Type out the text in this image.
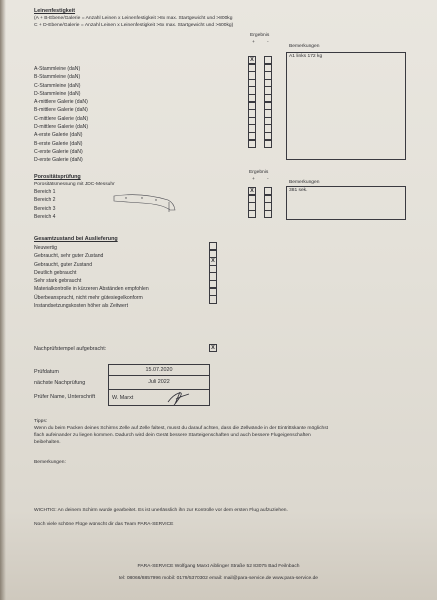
Leinenfestigkeit
(A + B-Ebene/Galerie = Anzahl Leinen x Leinenfestigkeit >8x max. Startgewicht und >800kg
C + D-Ebene/Galerie = Anzahl Leinen x Leinenfestigkeit >6x max. Startgewicht und >600kg)
Ergebnis
+ -
Bemerkungen
A-Stammleine (daN)
B-Stammleine (daN)
C-Stammleine (daN)
D-Stammleine (daN)
A-mittlere Galerie (daN)
B-mittlere Galerie (daN)
C-mittlere Galerie (daN)
D-mittlere Galerie (daN)
A-erste Galerie (daN)
B-erste Galerie (daN)
C-erste Galerie (daN)
D-erste Galerie (daN)
X
A1 links 172 kg
Porositätsprüfung
Porositätsmessung mit JDC-Messuhr
Ergebnis
+ -
Bemerkungen
Bereich 1
Bereich 2
Bereich 3
Bereich 4
X	381 sek.
Gesamtzustand bei Auslieferung
Neuwertig
Gebraucht, sehr guter Zustand
Gebraucht, guter Zustand
Deutlich gebraucht
Sehr stark gebraucht
Materialkontrolle in kürzeren Abständen empfohlen
Überbeansprucht, nicht mehr gütesiegelkonform
Instandsetzungskosten höher als Zeitwert
X
Nachprüfstempel aufgebracht:	X
Prüfdatum
nächste Nachprüfung
Prüfer Name, Unterschrift
15.07.2020
Juli 2022
W. Marxt
Tipps:
Wenn du beim Packen deines Schirms Zelle auf Zelle faltest, musst du darauf achten, dass die Zellwände in der Eintrittskante möglichst
flach aufeinander zu liegen kommen. Dadurch wird dein Gerät bessere Starteigenschaften und auch bessere Flugeigenschaften
beibehalten.
Bemerkungen:
WICHTIG: An deinem Schirm wurde gearbeitet. Es ist unerlässlich ihn zur Kontrolle vor dem ersten Flug aufzuziehen.
Noch viele schöne Flüge wünscht dir das Team PARA-SERVICE
PARA-SERVICE Wolfgang Marxt Aiblinger Straße 52 83075 Bad Feilnbach
tel: 08066/8857996 mobil: 0179/5370302 email: mail@para-service.de www.para-service.de
